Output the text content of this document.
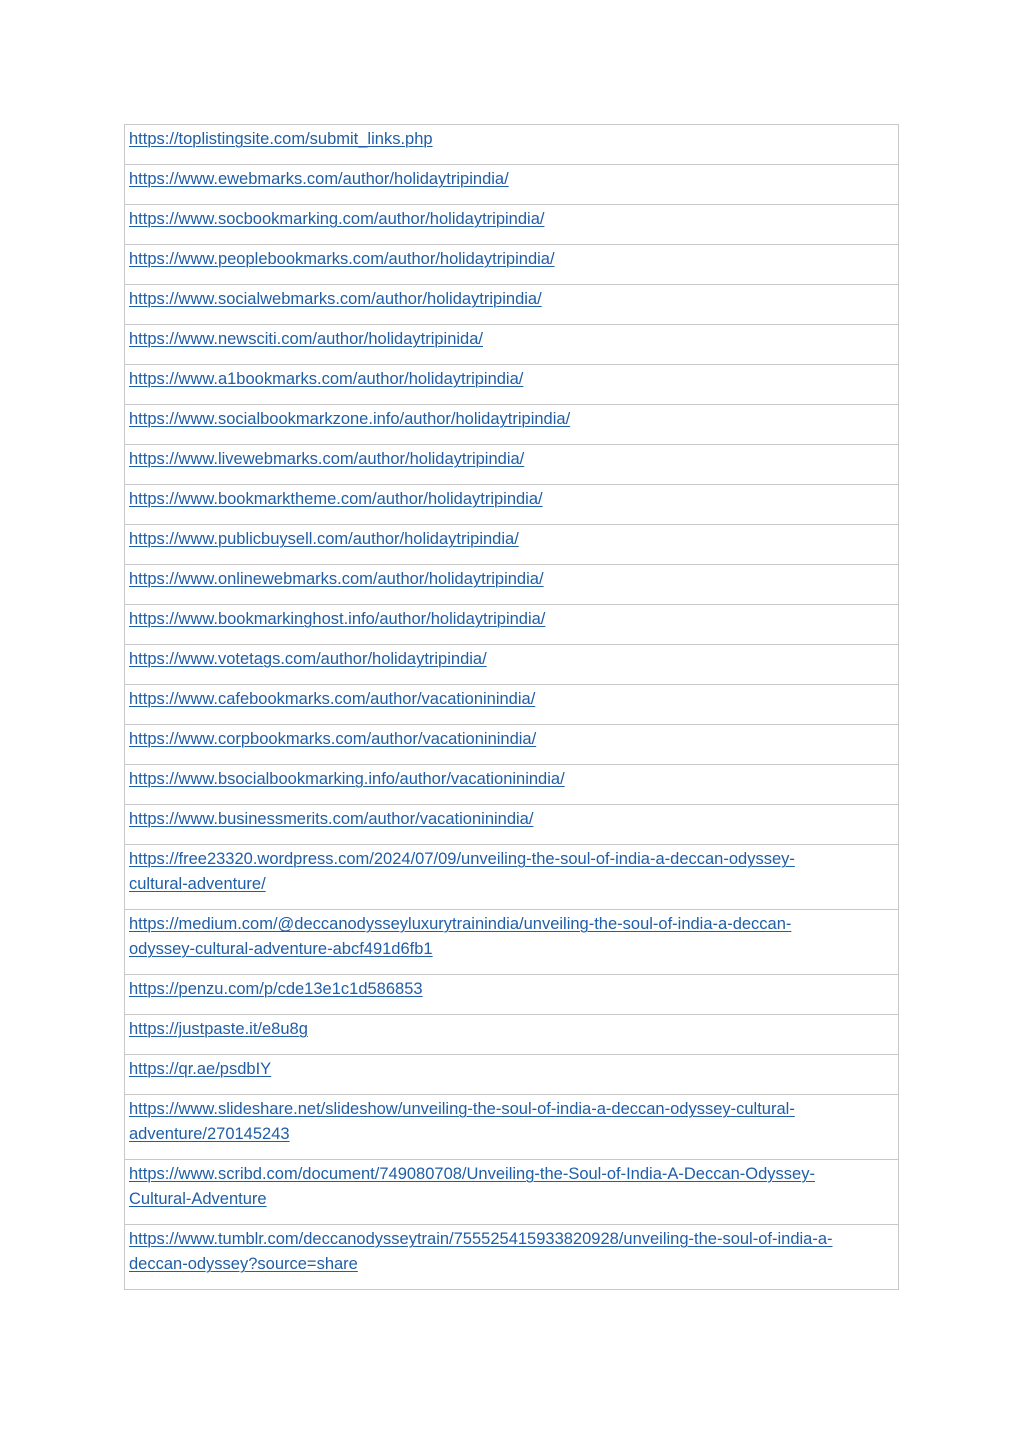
https://toplistingsite.com/submit_links.php

https://www.ewebmarks.com/author/holidaytripindia/

https://www.socbookmarking.com/author/holidaytripindia/

https://www.peoplebookmarks.com/author/holidaytripindia/

https://www.socialwebmarks.com/author/holidaytripindia/

https://www.newsciti.com/author/holidaytripinida/

https://www.a1bookmarks.com/author/holidaytripindia/

https://www.socialbookmarkzone.info/author/holidaytripindia/

https://www.livewebmarks.com/author/holidaytripindia/

https://www.bookmarktheme.com/author/holidaytripindia/

https://www.publicbuysell.com/author/holidaytripindia/

https://www.onlinewebmarks.com/author/holidaytripindia/

https://www.bookmarkinghost.info/author/holidaytripindia/

https://www.votetags.com/author/holidaytripindia/

https://www.cafebookmarks.com/author/vacationinindia/

https://www.corpbookmarks.com/author/vacationinindia/

https://www.bsocialbookmarking.info/author/vacationinindia/

https://www.businessmerits.com/author/vacationinindia/

https://free23320.wordpress.com/2024/07/09/unveiling-the-soul-of-india-a-deccan-odyssey-
cultural-adventure/

https://medium.com/@deccanodysseyluxurytrainindia/unveiling-the-soul-of-india-a-deccan-
odyssey-cultural-adventure-abcf491d6fb1

https://penzu.com/p/cde13e1c1d586853

https://justpaste.it/e8u8g

https://qr.ae/psdbIY

https://www.slideshare.net/slideshow/unveiling-the-soul-of-india-a-deccan-odyssey-cultural-
adventure/270145243

https://www.scribd.com/document/749080708/Unveiling-the-Soul-of-India-A-Deccan-Odyssey-
Cultural-Adventure

https://www.tumblr.com/deccanodysseytrain/755525415933820928/unveiling-the-soul-of-india-a-
deccan-odyssey?source=share
